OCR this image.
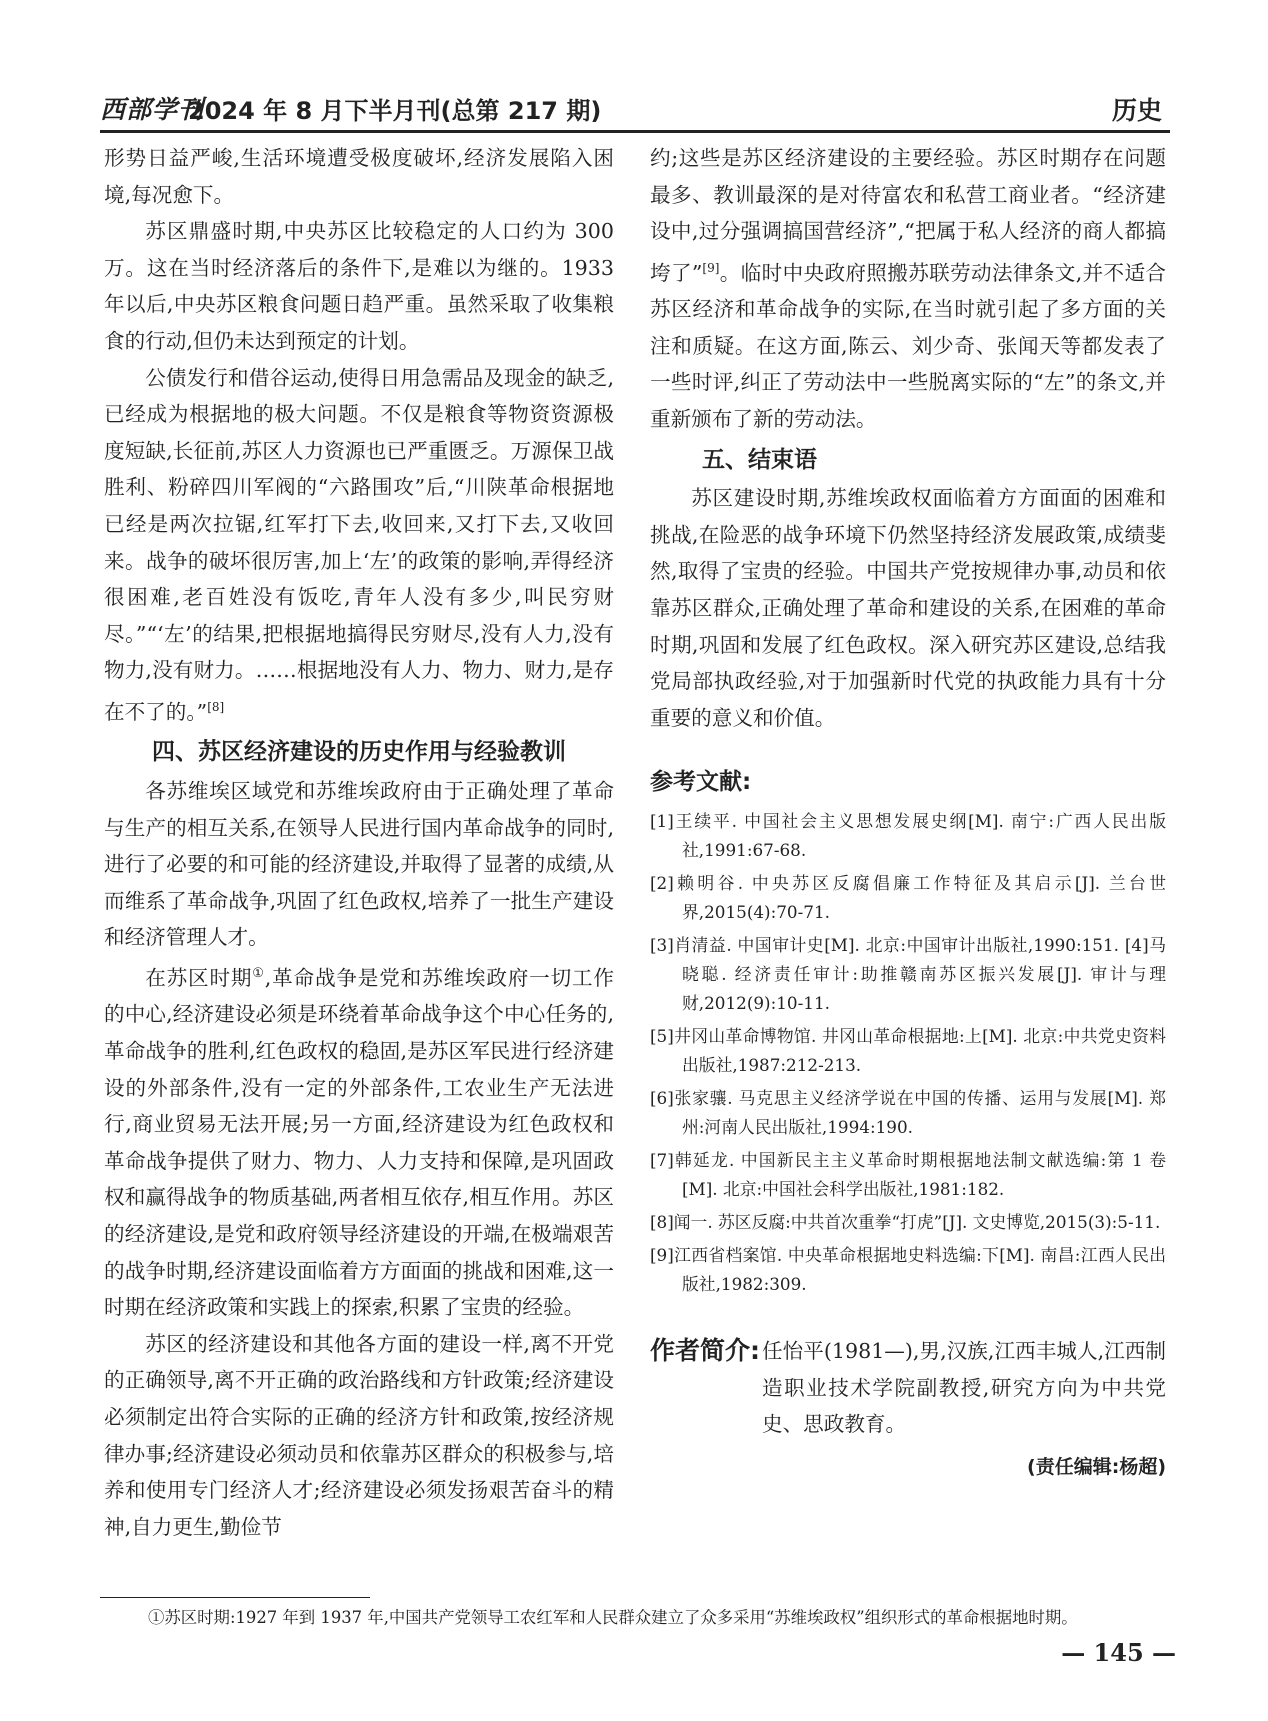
西部学刊
2024 年 8 月下半月刊(总第 217 期)	历史

形势日益严峻,生活环境遭受极度破坏,经济发展陷入困境,每况愈下。

苏区鼎盛时期,中央苏区比较稳定的人口约为 300 万。这在当时经济落后的条件下,是难以为继的。1933 年以后,中央苏区粮食问题日趋严重。虽然采取了收集粮食的行动,但仍未达到预定的计划。

公债发行和借谷运动,使得日用急需品及现金的缺乏,已经成为根据地的极大问题。不仅是粮食等物资资源极度短缺,长征前,苏区人力资源也已严重匮乏。万源保卫战胜利、粉碎四川军阀的“六路围攻”后,“川陕革命根据地已经是两次拉锯,红军打下去,收回来,又打下去,又收回来。战争的破坏很厉害,加上‘左’的政策的影响,弄得经济很困难,老百姓没有饭吃,青年人没有多少,叫民穷财尽。”“‘左’的结果,把根据地搞得民穷财尽,没有人力,没有物力,没有财力。……根据地没有人力、物力、财力,是存在不了的。”[8]

四、苏区经济建设的历史作用与经验教训

各苏维埃区域党和苏维埃政府由于正确处理了革命与生产的相互关系,在领导人民进行国内革命战争的同时,进行了必要的和可能的经济建设,并取得了显著的成绩,从而维系了革命战争,巩固了红色政权,培养了一批生产建设和经济管理人才。

在苏区时期①,革命战争是党和苏维埃政府一切工作的中心,经济建设必须是环绕着革命战争这个中心任务的,革命战争的胜利,红色政权的稳固,是苏区军民进行经济建设的外部条件,没有一定的外部条件,工农业生产无法进行,商业贸易无法开展;另一方面,经济建设为红色政权和革命战争提供了财力、物力、人力支持和保障,是巩固政权和赢得战争的物质基础,两者相互依存,相互作用。苏区的经济建设,是党和政府领导经济建设的开端,在极端艰苦的战争时期,经济建设面临着方方面面的挑战和困难,这一时期在经济政策和实践上的探索,积累了宝贵的经验。

苏区的经济建设和其他各方面的建设一样,离不开党的正确领导,离不开正确的政治路线和方针政策;经济建设必须制定出符合实际的正确的经济方针和政策,按经济规律办事;经济建设必须动员和依靠苏区群众的积极参与,培养和使用专门经济人才;经济建设必须发扬艰苦奋斗的精神,自力更生,勤俭节

约;这些是苏区经济建设的主要经验。苏区时期存在问题最多、教训最深的是对待富农和私营工商业者。“经济建设中,过分强调搞国营经济”,“把属于私人经济的商人都搞垮了”[9]。临时中央政府照搬苏联劳动法律条文,并不适合苏区经济和革命战争的实际,在当时就引起了多方面的关注和质疑。在这方面,陈云、刘少奇、张闻天等都发表了一些时评,纠正了劳动法中一些脱离实际的“左”的条文,并重新颁布了新的劳动法。

五、结束语

苏区建设时期,苏维埃政权面临着方方面面的困难和挑战,在险恶的战争环境下仍然坚持经济发展政策,成绩斐然,取得了宝贵的经验。中国共产党按规律办事,动员和依靠苏区群众,正确处理了革命和建设的关系,在困难的革命时期,巩固和发展了红色政权。深入研究苏区建设,总结我党局部执政经验,对于加强新时代党的执政能力具有十分重要的意义和价值。

参考文献:
[1]王续平. 中国社会主义思想发展史纲[M]. 南宁:广西人民出版社,1991:67-68.
[2]赖明谷. 中央苏区反腐倡廉工作特征及其启示[J]. 兰台世界,2015(4):70-71.
[3]肖清益. 中国审计史[M]. 北京:中国审计出版社,1990:151. [4]马晓聪. 经济责任审计:助推赣南苏区振兴发展[J]. 审计与理财,2012(9):10-11.
[5]井冈山革命博物馆. 井冈山革命根据地:上[M]. 北京:中共党史资料出版社,1987:212-213.
[6]张家骧. 马克思主义经济学说在中国的传播、运用与发展[M]. 郑州:河南人民出版社,1994:190.
[7]韩延龙. 中国新民主主义革命时期根据地法制文献选编:第 1 卷[M]. 北京:中国社会科学出版社,1981:182.
[8]闻一. 苏区反腐:中共首次重拳“打虎”[J]. 文史博览,2015(3):5-11.
[9]江西省档案馆. 中央革命根据地史料选编:下[M]. 南昌:江西人民出版社,1982:309.
作者简介: 任怡平(1981—),男,汉族,江西丰城人,江西制造职业技术学院副教授,研究方向为中共党史、思政教育。
(责任编辑:杨超)
①苏区时期:1927 年到 1937 年,中国共产党领导工农红军和人民群众建立了众多采用“苏维埃政权”组织形式的革命根据地时期。
— 145 —
